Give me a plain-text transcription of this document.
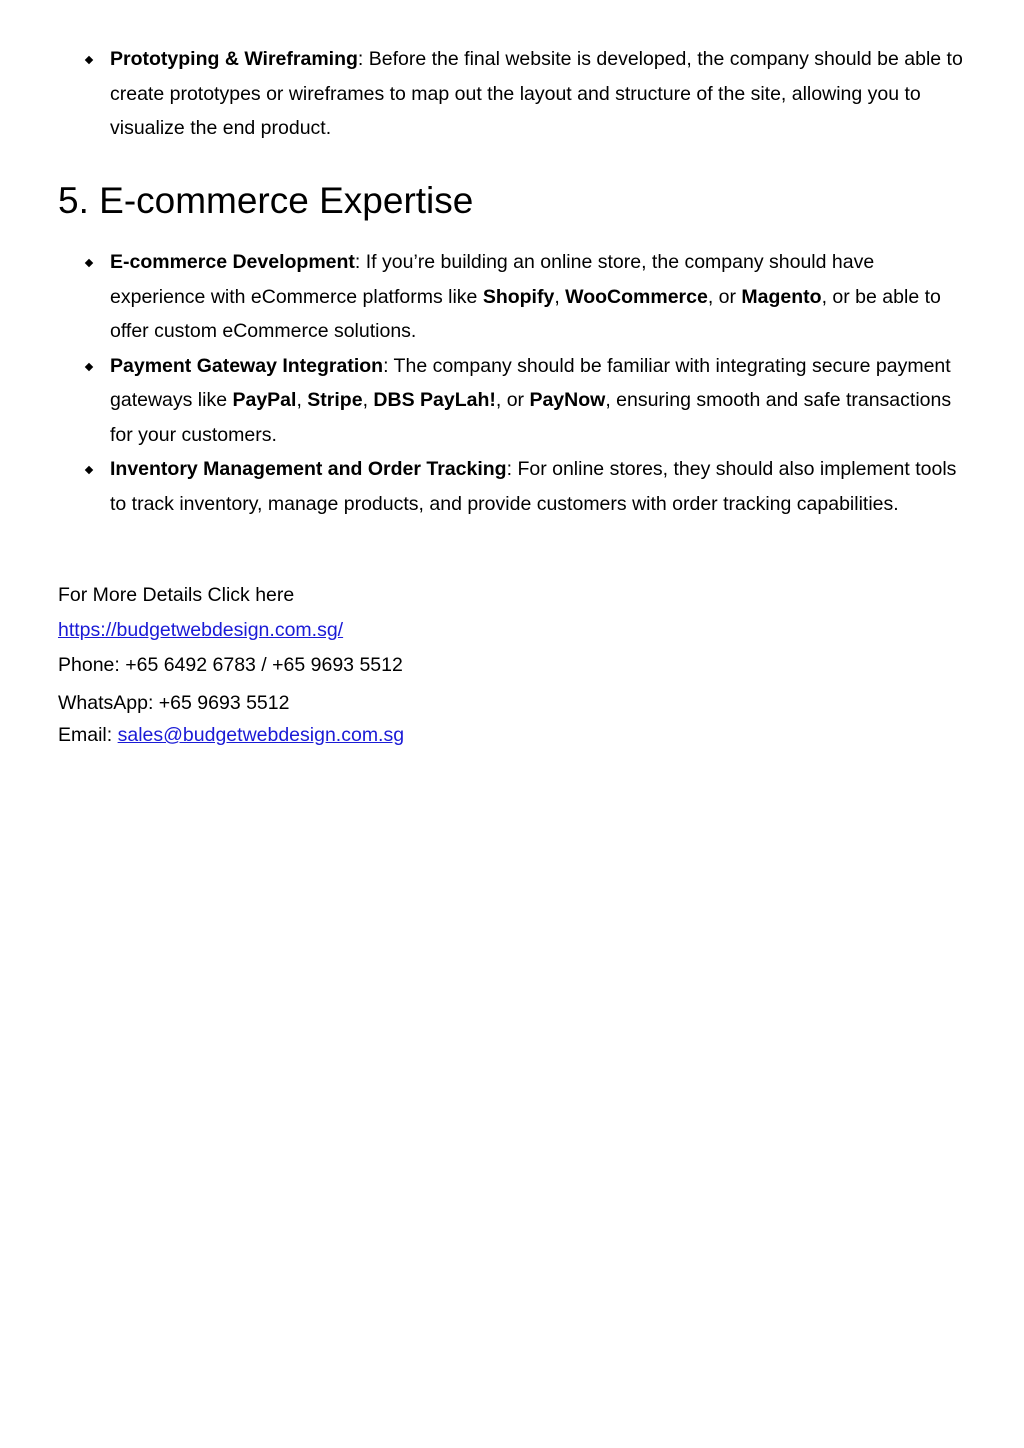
Prototyping & Wireframing: Before the final website is developed, the company should be able to create prototypes or wireframes to map out the layout and structure of the site, allowing you to visualize the end product.
5. E-commerce Expertise
E-commerce Development: If you’re building an online store, the company should have experience with eCommerce platforms like Shopify, WooCommerce, or Magento, or be able to offer custom eCommerce solutions.
Payment Gateway Integration: The company should be familiar with integrating secure payment gateways like PayPal, Stripe, DBS PayLah!, or PayNow, ensuring smooth and safe transactions for your customers.
Inventory Management and Order Tracking: For online stores, they should also implement tools to track inventory, manage products, and provide customers with order tracking capabilities.
For More Details Click here
https://budgetwebdesign.com.sg/
Phone: +65 6492 6783 / +65 9693 5512
WhatsApp: +65 9693 5512
Email: sales@budgetwebdesign.com.sg
